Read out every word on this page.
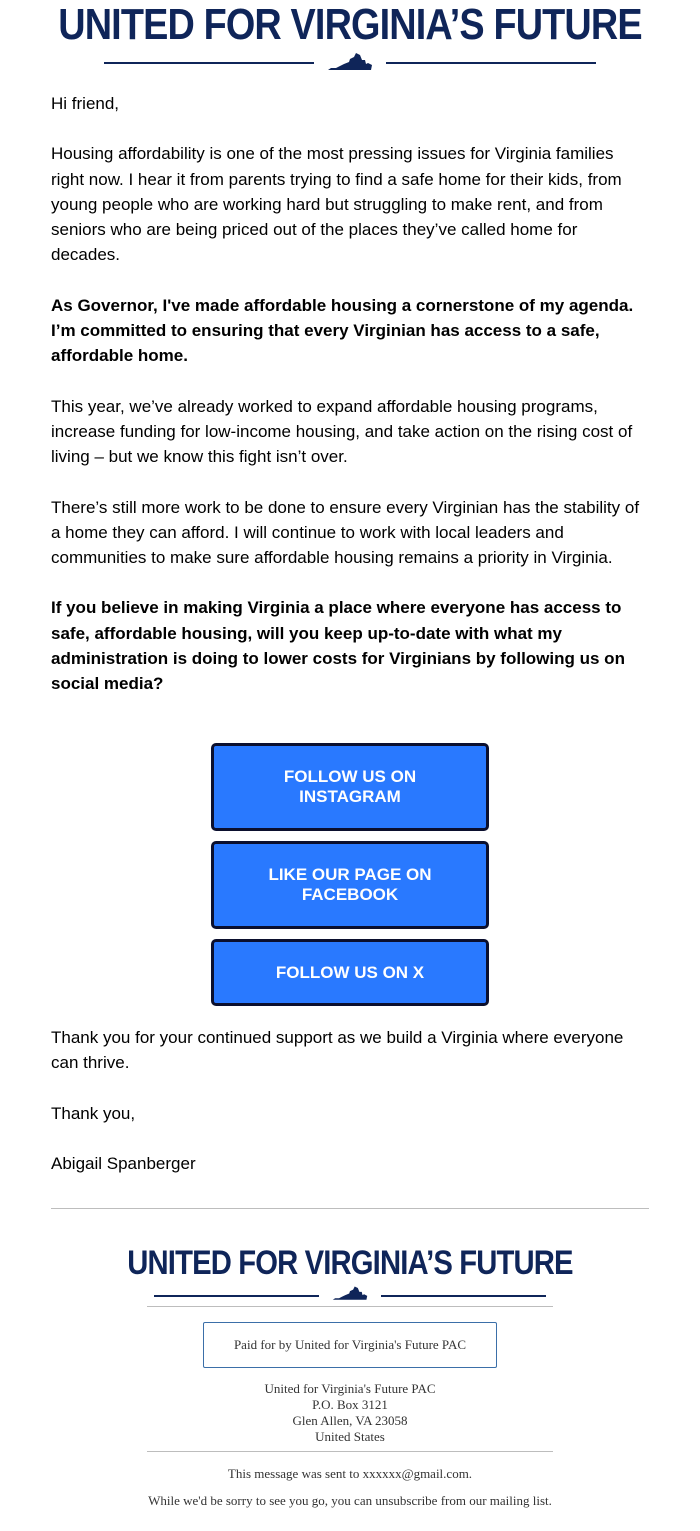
UNITED FOR VIRGINIA’S FUTURE

Hi friend,

Housing affordability is one of the most pressing issues for Virginia families right now. I hear it from parents trying to find a safe home for their kids, from young people who are working hard but struggling to make rent, and from seniors who are being priced out of the places they’ve called home for decades.

As Governor, I've made affordable housing a cornerstone of my agenda. I’m committed to ensuring that every Virginian has access to a safe, affordable home.

This year, we’ve already worked to expand affordable housing programs, increase funding for low-income housing, and take action on the rising cost of living – but we know this fight isn’t over.

There’s still more work to be done to ensure every Virginian has the stability of a home they can afford. I will continue to work with local leaders and communities to make sure affordable housing remains a priority in Virginia.

If you believe in making Virginia a place where everyone has access to safe, affordable housing, will you keep up-to-date with what my administration is doing to lower costs for Virginians by following us on social media?

FOLLOW US ON INSTAGRAM
LIKE OUR PAGE ON FACEBOOK
FOLLOW US ON X

Thank you for your continued support as we build a Virginia where everyone can thrive.

Thank you,

Abigail Spanberger

UNITED FOR VIRGINIA’S FUTURE
Paid for by United for Virginia's Future PAC
United for Virginia's Future PAC
P.O. Box 3121
Glen Allen, VA 23058
United States
This message was sent to xxxxxx@gmail.com.
While we'd be sorry to see you go, you can unsubscribe from our mailing list.
